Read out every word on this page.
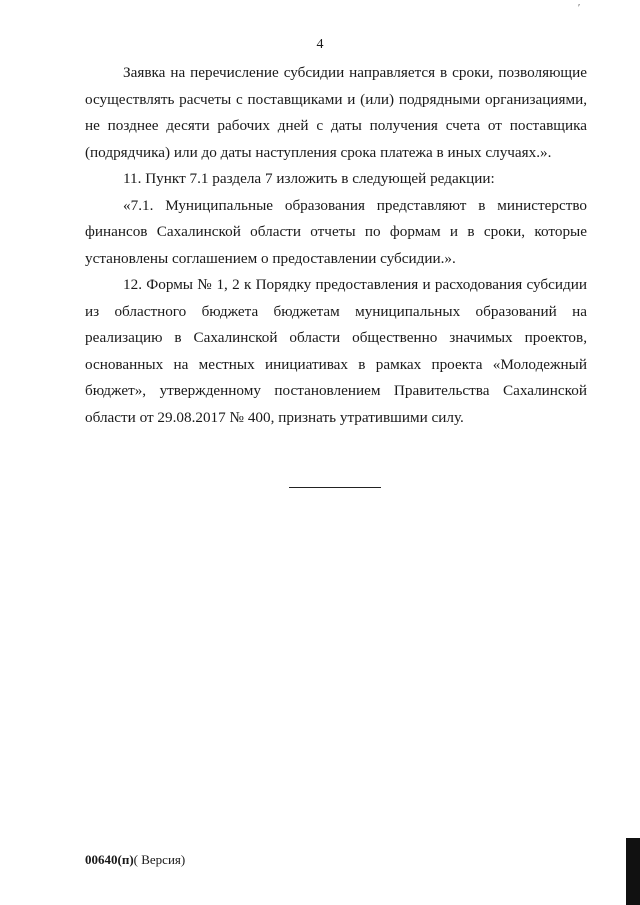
ʹ
4

Заявка на перечисление субсидии направляется в сроки, позволяющие осуществлять расчеты с поставщиками и (или) подрядными организациями, не позднее десяти рабочих дней с даты получения счета от поставщика (подрядчика) или до даты наступления срока платежа в иных случаях.».

11. Пункт 7.1 раздела 7 изложить в следующей редакции:

«7.1. Муниципальные образования представляют в министерство финансов Сахалинской области отчеты по формам и в сроки, которые установлены соглашением о предоставлении субсидии.».

12. Формы № 1, 2 к Порядку предоставления и расходования субсидии из областного бюджета бюджетам муниципальных образований на реализацию в Сахалинской области общественно значимых проектов, основанных на местных инициативах в рамках проекта «Молодежный бюджет», утвержденному постановлением Правительства Сахалинской области от 29.08.2017 № 400, признать утратившими силу.

00640(п)( Версия)
